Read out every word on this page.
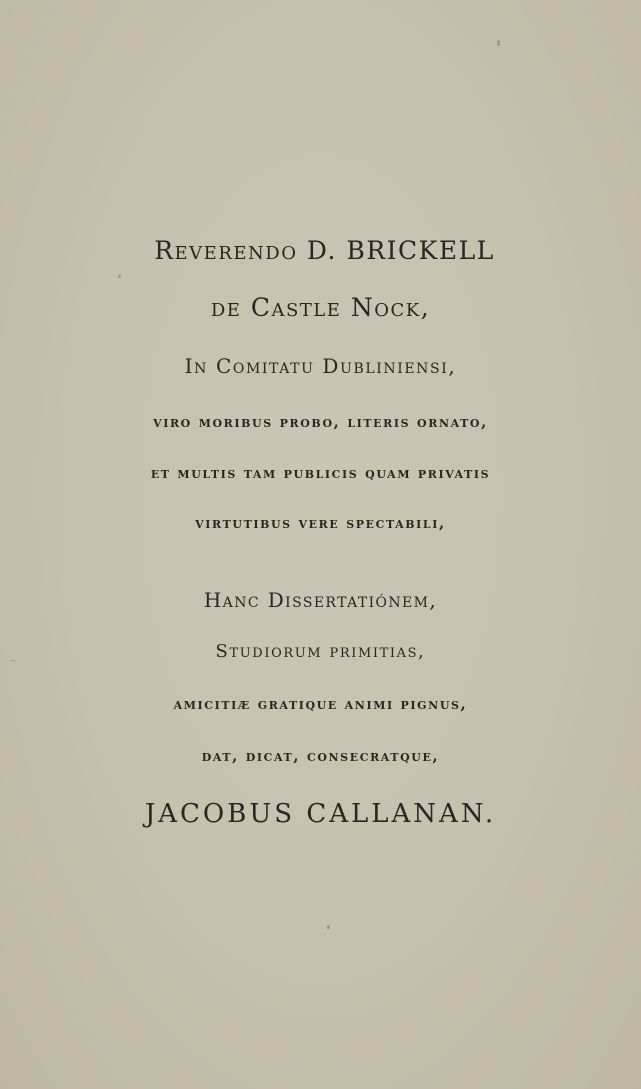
Reverendo D. BRICKELL
de Castle Nock,
In Comitatu Dubliniensi,
viro moribus probo, literis ornato,
et multis tam publicis quam privatis
virtutibus vere spectabili,
Hanc Dissertatiónem,
Studiorum primitias,
amicitiæ gratique animi pignus,
dat, dicat, consecratque,
JACOBUS CALLANAN.
